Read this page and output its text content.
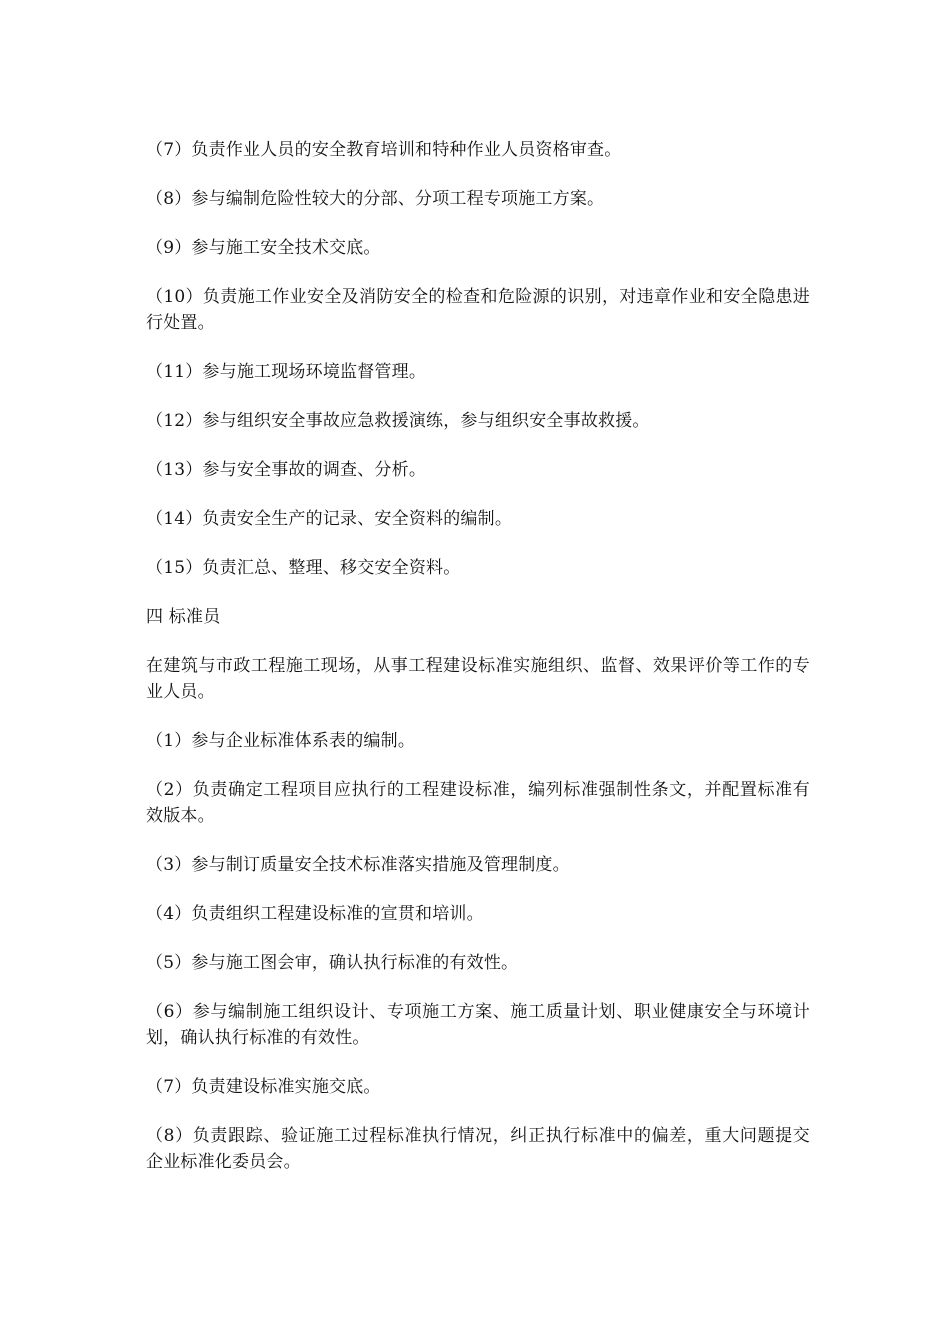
（7）负责作业人员的安全教育培训和特种作业人员资格审查。

（8）参与编制危险性较大的分部、分项工程专项施工方案。

（9）参与施工安全技术交底。

（10）负责施工作业安全及消防安全的检查和危险源的识别，对违章作业和安全隐患进行处置。

（11）参与施工现场环境监督管理。

（12）参与组织安全事故应急救援演练，参与组织安全事故救援。

（13）参与安全事故的调查、分析。

（14）负责安全生产的记录、安全资料的编制。

（15）负责汇总、整理、移交安全资料。

四 标准员

在建筑与市政工程施工现场，从事工程建设标准实施组织、监督、效果评价等工作的专业人员。

（1）参与企业标准体系表的编制。

（2）负责确定工程项目应执行的工程建设标准，编列标准强制性条文，并配置标准有效版本。

（3）参与制订质量安全技术标准落实措施及管理制度。

（4）负责组织工程建设标准的宣贯和培训。

（5）参与施工图会审，确认执行标准的有效性。

（6）参与编制施工组织设计、专项施工方案、施工质量计划、职业健康安全与环境计划，确认执行标准的有效性。

（7）负责建设标准实施交底。

（8）负责跟踪、验证施工过程标准执行情况，纠正执行标准中的偏差，重大问题提交企业标准化委员会。
